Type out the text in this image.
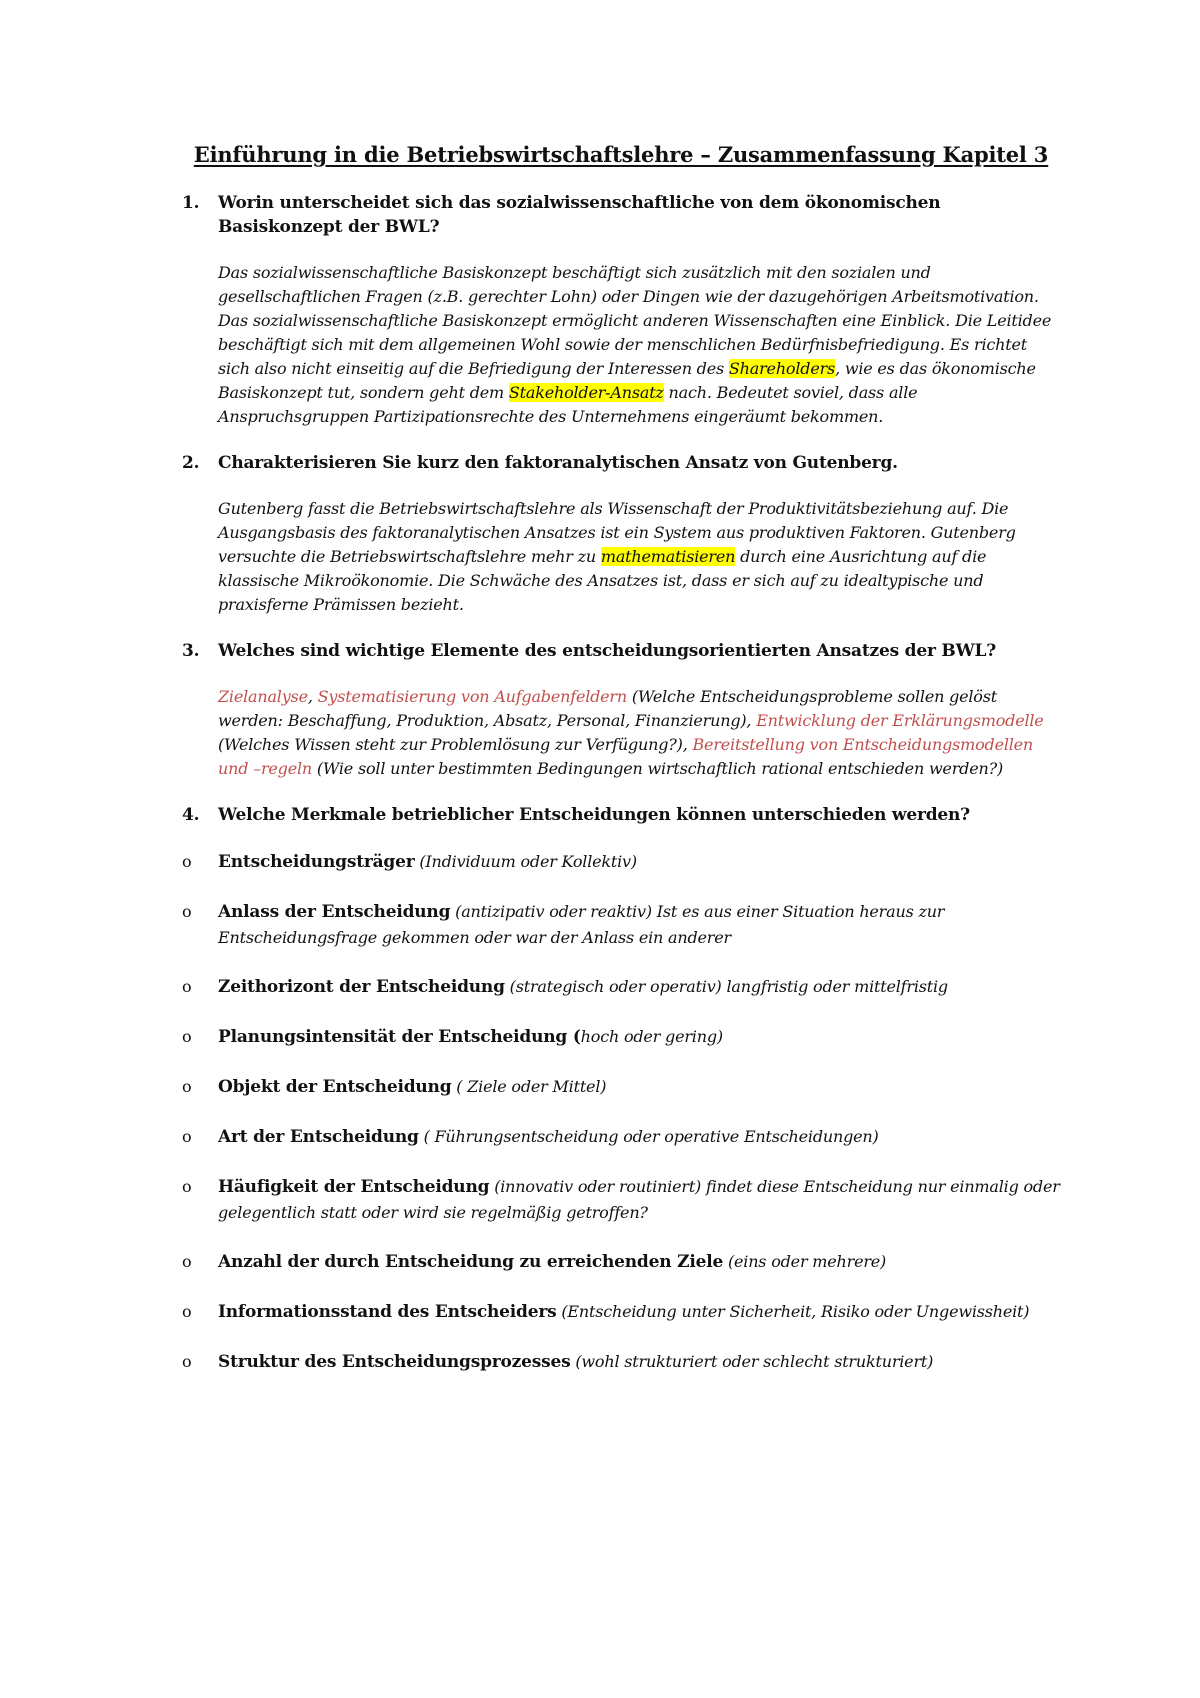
Einführung in die Betriebswirtschaftslehre – Zusammenfassung Kapitel 3
1. Worin unterscheidet sich das sozialwissenschaftliche von dem ökonomischen Basiskonzept der BWL?
Das sozialwissenschaftliche Basiskonzept beschäftigt sich zusätzlich mit den sozialen und gesellschaftlichen Fragen (z.B. gerechter Lohn) oder Dingen wie der dazugehörigen Arbeitsmotivation. Das sozialwissenschaftliche Basiskonzept ermöglicht anderen Wissenschaften eine Einblick. Die Leitidee beschäftigt sich mit dem allgemeinen Wohl sowie der menschlichen Bedürfnisbefriedigung. Es richtet sich also nicht einseitig auf die Befriedigung der Interessen des Shareholders, wie es das ökonomische Basiskonzept tut, sondern geht dem Stakeholder-Ansatz nach. Bedeutet soviel, dass alle Anspruchsgruppen Partizipationsrechte des Unternehmens eingeräumt bekommen.
2. Charakterisieren Sie kurz den faktoranalytischen Ansatz von Gutenberg.
Gutenberg fasst die Betriebswirtschaftslehre als Wissenschaft der Produktivitätsbeziehung auf. Die Ausgangsbasis des faktoranalytischen Ansatzes ist ein System aus produktiven Faktoren. Gutenberg versuchte die Betriebswirtschaftslehre mehr zu mathematisieren durch eine Ausrichtung auf die klassische Mikroökonomie. Die Schwäche des Ansatzes ist, dass er sich auf zu idealtypische und praxisferne Prämissen bezieht.
3. Welches sind wichtige Elemente des entscheidungsorientierten Ansatzes der BWL?
Zielanalyse, Systematisierung von Aufgabenfeldern (Welche Entscheidungsprobleme sollen gelöst werden: Beschaffung, Produktion, Absatz, Personal, Finanzierung), Entwicklung der Erklärungsmodelle (Welches Wissen steht zur Problemlösung zur Verfügung?), Bereitstellung von Entscheidungsmodellen und –regeln (Wie soll unter bestimmten Bedingungen wirtschaftlich rational entschieden werden?)
4. Welche Merkmale betrieblicher Entscheidungen können unterschieden werden?
o Entscheidungsträger (Individuum oder Kollektiv)
o Anlass der Entscheidung (antizipativ oder reaktiv) Ist es aus einer Situation heraus zur Entscheidungsfrage gekommen oder war der Anlass ein anderer
o Zeithorizont der Entscheidung (strategisch oder operativ) langfristig oder mittelfristig
o Planungsintensität der Entscheidung (hoch oder gering)
o Objekt der Entscheidung ( Ziele oder Mittel)
o Art der Entscheidung ( Führungsentscheidung oder operative Entscheidungen)
o Häufigkeit der Entscheidung (innovativ oder routiniert) findet diese Entscheidung nur einmalig oder gelegentlich statt oder wird sie regelmäßig getroffen?
o Anzahl der durch Entscheidung zu erreichenden Ziele (eins oder mehrere)
o Informationsstand des Entscheiders (Entscheidung unter Sicherheit, Risiko oder Ungewissheit)
o Struktur des Entscheidungsprozesses (wohl strukturiert oder schlecht strukturiert)
